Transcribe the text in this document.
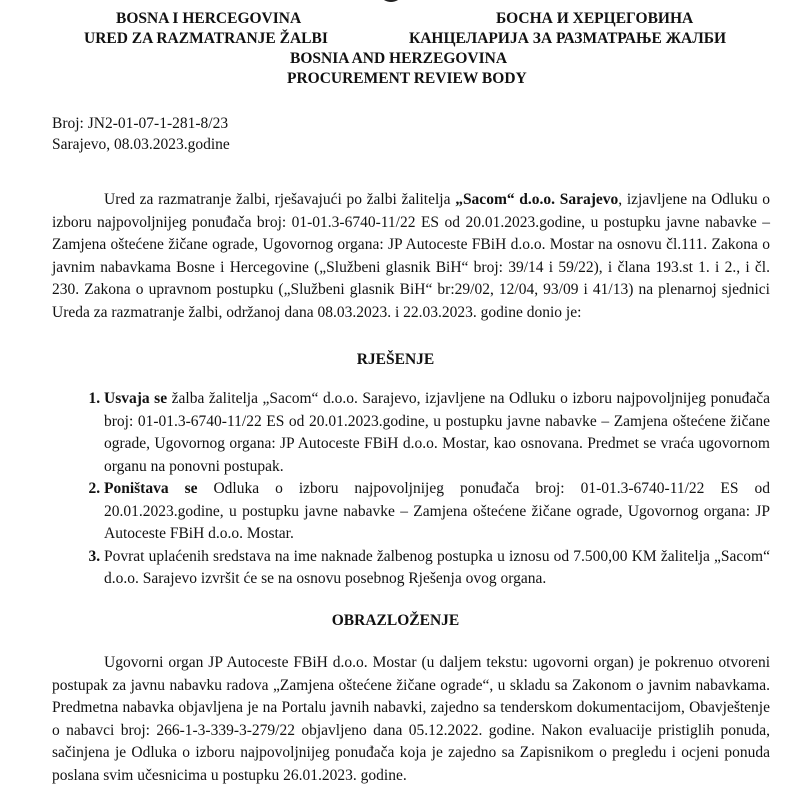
BOSNA I HERCEGOVINA
URED ZA RAZMATRANJE ŽALBI
БОСНА И ХЕРЦЕГОВИНА
КАНЦЕЛАРИЈА ЗА РАЗМАТРАЊЕ ЖАЛБИ
BOSNIA AND HERZEGOVINA
PROCUREMENT REVIEW BODY
Broj: JN2-01-07-1-281-8/23
Sarajevo, 08.03.2023.godine

Ured za razmatranje žalbi, rješavajući po žalbi žalitelja „Sacom“ d.o.o. Sarajevo, izjavljene na Odluku o izboru najpovoljnijeg ponuđača broj: 01-01.3-6740-11/22 ES od 20.01.2023.godine, u postupku javne nabavke – Zamjena oštećene žičane ograde, Ugovornog organa: JP Autoceste FBiH d.o.o. Mostar na osnovu čl.111. Zakona o javnim nabavkama Bosne i Hercegovine („Službeni glasnik BiH“ broj: 39/14 i 59/22), i člana 193.st 1. i 2., i čl. 230. Zakona o upravnom postupku („Službeni glasnik BiH“ br:29/02, 12/04, 93/09 i 41/13) na plenarnoj sjednici Ureda za razmatranje žalbi, održanoj dana 08.03.2023. i 22.03.2023. godine donio je:

RJEŠENJE
1. Usvaja se žalba žalitelja „Sacom“ d.o.o. Sarajevo, izjavljene na Odluku o izboru najpovoljnijeg ponuđača broj: 01-01.3-6740-11/22 ES od 20.01.2023.godine, u postupku javne nabavke – Zamjena oštećene žičane ograde, Ugovornog organa: JP Autoceste FBiH d.o.o. Mostar, kao osnovana. Predmet se vraća ugovornom organu na ponovni postupak.
2. Poništava se Odluka o izboru najpovoljnijeg ponuđača broj: 01-01.3-6740-11/22 ES od 20.01.2023.godine, u postupku javne nabavke – Zamjena oštećene žičane ograde, Ugovornog organa: JP Autoceste FBiH d.o.o. Mostar.
3. Povrat uplaćenih sredstava na ime naknade žalbenog postupka u iznosu od 7.500,00 KM žalitelja „Sacom“ d.o.o. Sarajevo izvršit će se na osnovu posebnog Rješenja ovog organa.
OBRAZLOŽENJE

Ugovorni organ JP Autoceste FBiH d.o.o. Mostar (u daljem tekstu: ugovorni organ) je pokrenuo otvoreni postupak za javnu nabavku radova „Zamjena oštećene žičane ograde“, u skladu sa Zakonom o javnim nabavkama. Predmetna nabavka objavljena je na Portalu javnih nabavki, zajedno sa tenderskom dokumentacijom, Obavještenje o nabavci broj: 266-1-3-339-3-279/22 objavljeno dana 05.12.2022. godine. Nakon evaluacije pristiglih ponuda, sačinjena je Odluka o izboru najpovoljnijeg ponuđača koja je zajedno sa Zapisnikom o pregledu i ocjeni ponuda poslana svim učesnicima u postupku 26.01.2023. godine.
